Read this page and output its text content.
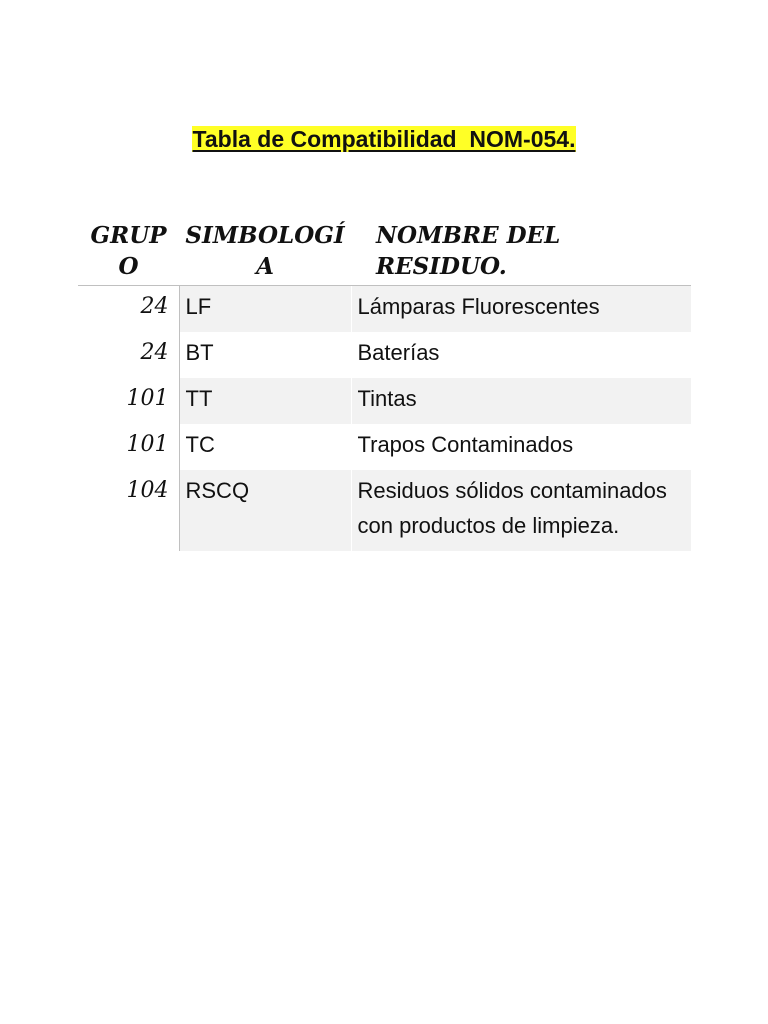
Tabla de Compatibilidad  NOM-054.
GRUPO	SIMBOLOGÍA	NOMBRE DEL RESIDUO.
24	LF	Lámparas Fluorescentes
24	BT	Baterías
101	TT	Tintas
101	TC	Trapos Contaminados
104	RSCQ	Residuos sólidos contaminados con productos de limpieza.
